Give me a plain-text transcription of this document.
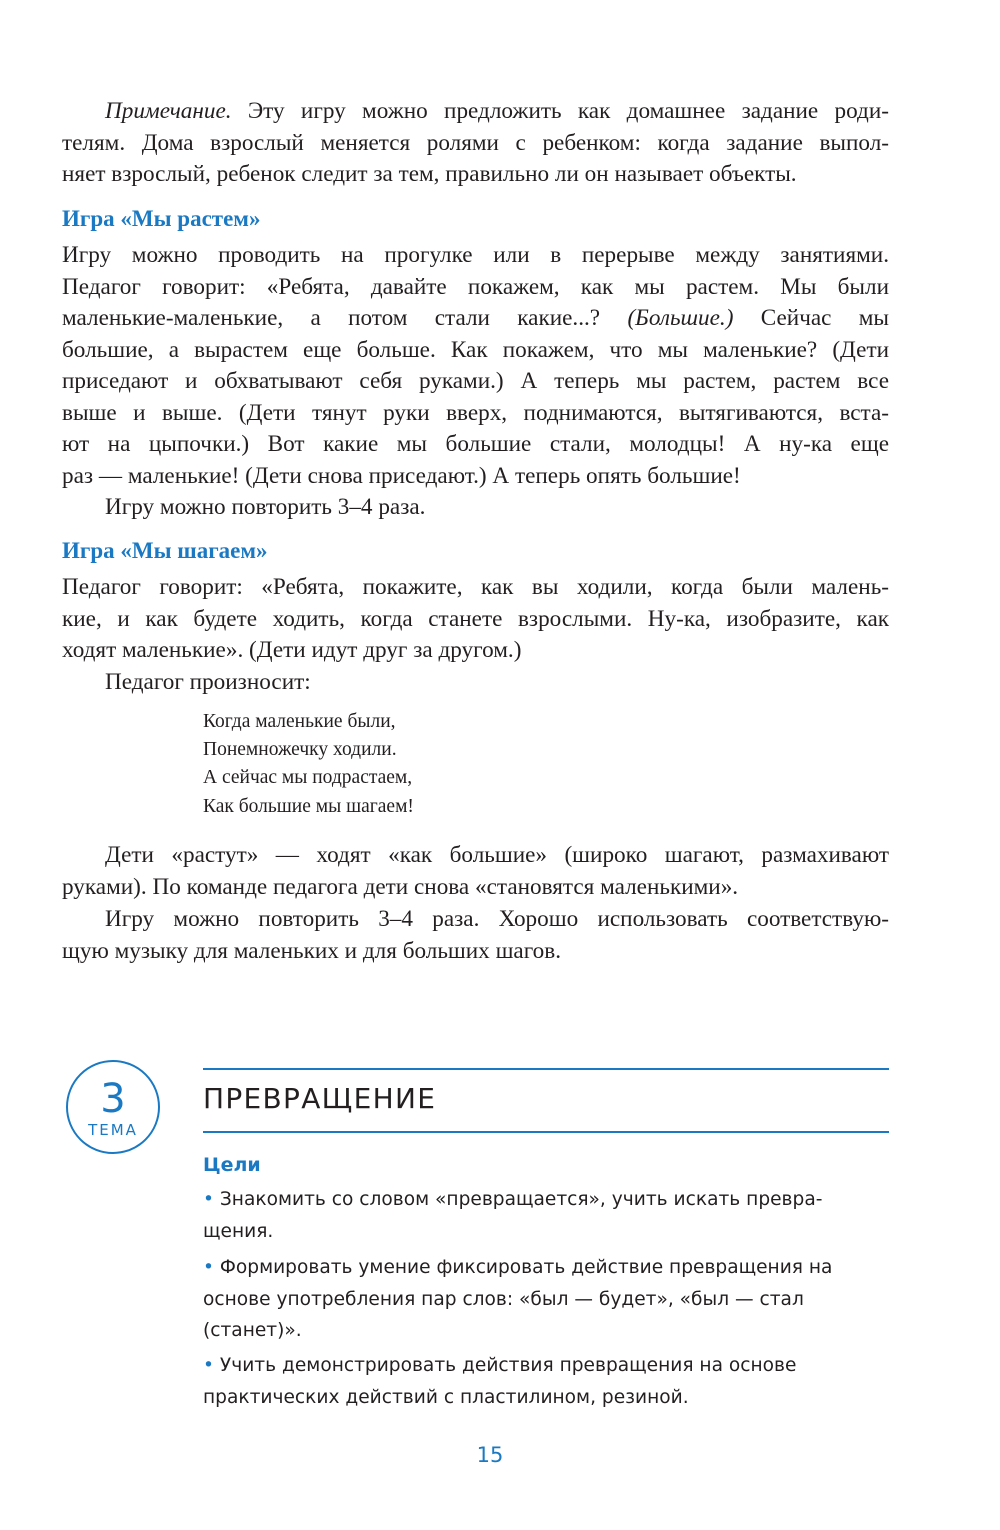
Примечание. Эту игру можно предложить как домашнее задание роди-
телям. Дома взрослый меняется ролями с ребенком: когда задание выпол-
няет взрослый, ребенок следит за тем, правильно ли он называет объекты.

Игра «Мы растем»

Игру можно проводить на прогулке или в перерыве между занятиями.
Педагог говорит: «Ребята, давайте покажем, как мы растем. Мы были
маленькие-маленькие, а потом стали какие...? (Большие.) Сейчас мы
большие, а вырастем еще больше. Как покажем, что мы маленькие? (Дети
приседают и обхватывают себя руками.) А теперь мы растем, растем все
выше и выше. (Дети тянут руки вверх, поднимаются, вытягиваются, вста-
ют на цыпочки.) Вот какие мы большие стали, молодцы! А ну-ка еще
раз — маленькие! (Дети снова приседают.) А теперь опять большие!
Игру можно повторить 3–4 раза.

Игра «Мы шагаем»

Педагог говорит: «Ребята, покажите, как вы ходили, когда были малень-
кие, и как будете ходить, когда станете взрослыми. Ну-ка, изобразите, как
ходят маленькие». (Дети идут друг за другом.)
Педагог произносит:

Когда маленькие были,
Понемножечку ходили.
А сейчас мы подрастаем,
Как большие мы шагаем!

Дети «растут» — ходят «как большие» (широко шагают, размахивают
руками). По команде педагога дети снова «становятся маленькими».

Игру можно повторить 3–4 раза. Хорошо использовать соответствую-
щую музыку для маленьких и для больших шагов.

3
ТЕМА
ПРЕВРАЩЕНИЕ
Цели

• Знакомить со словом «превращается», учить искать превра-щения.

• Формировать умение фиксировать действие превращения на основе употребления пар слов: «был — будет», «был — стал (станет)».

• Учить демонстрировать действия превращения на основе практических действий с пластилином, резиной.

15
